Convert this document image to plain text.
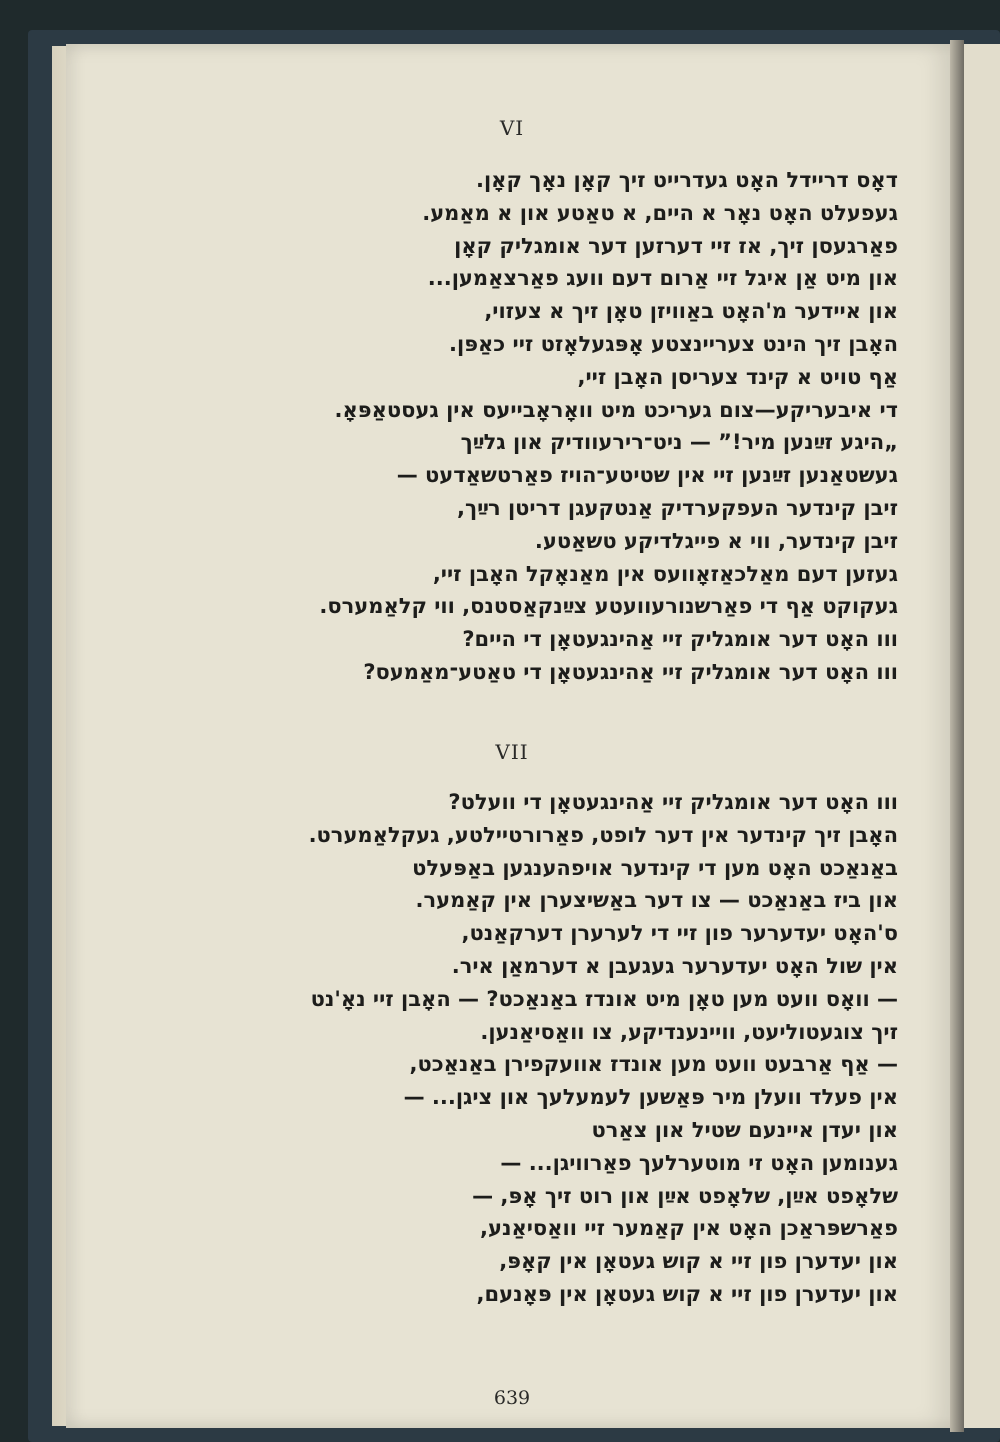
VI
דאָס דריידל האָט געדרייט זיך קאָן נאָך קאָן.
געפעלט האָט נאָר א היים, א טאַטע און א מאַמע.
פאַרגעסן זיך, אז זיי דערזען דער אומגליק קאָן
און מיט אַן איגל זיי אַרום דעם וועג פאַרצאַמען...
און איידער מ'האָט באַוויזן טאָן זיך א צעזוי,
האָבן זיך הינט צעריינצטע אָפּגעלאָזט זיי כאַפּן.
אַף טויט א קינד צעריסן האָבן זיי,
די איבעריקע—צום געריכט מיט וואָראָבייעס אין געסטאַפּאָ.
„היגע זײַנען מיר!” — ניט־רירעוודיק און גלײַך
געשטאַנען זײַנען זיי אין שטיטע־הויז פאַרטשאַדעט —
זיבן קינדער העפקערדיק אַנטקעגן דריטן רײַך,
זיבן קינדער, ווי א פייגלדיקע טשאַטע.
געזען דעם מאַלכאַזאָוועס אין מאַנאָקל האָבן זיי,
געקוקט אַף די פאַרשנורעוועטע צײַנקאַסטנס, ווי קלאַמערס.
ווו האָט דער אומגליק זיי אַהינגעטאָן די היים?
ווו האָט דער אומגליק זיי אַהינגעטאָן די טאַטע־מאַמעס?
VII
ווו האָט דער אומגליק זיי אַהינגעטאָן די וועלט?
האָבן זיך קינדער אין דער לופט, פאַרורטיילטע, געקלאַמערט.
באַנאַכט האָט מען די קינדער אויפהענגען באַפּעלט
און ביז באַנאַכט — צו דער באַשיצערן אין קאַמער.
ס'האָט יעדערער פון זיי די לערערן דערקאַנט,
אין שול האָט יעדערער געגעבן א דערמאַן איר.
— וואָס וועט מען טאָן מיט אונדז באַנאַכט? — האָבן זיי נאָ'נט
זיך צוגעטוליעט, וויינענדיקע, צו וואַסיאַנען.
— אַף אַרבעט וועט מען אונדז אוועקפירן באַנאַכט,
אין פעלד וועלן מיר פּאַשען לעמעלעך און ציגן... —
און יעדן איינעם שטיל און צאַרט
גענומען האָט זי מוטערלעך פאַרוויגן... —
שלאָפט אײַן, שלאָפט אײַן און רוט זיך אָפּ, —
פאַרשפּראַכן האָט אין קאַמער זיי וואַסיאַנע,
און יעדערן פון זיי א קוש געטאָן אין קאָפּ,
און יעדערן פון זיי א קוש געטאָן אין פּאָנעם,
639
